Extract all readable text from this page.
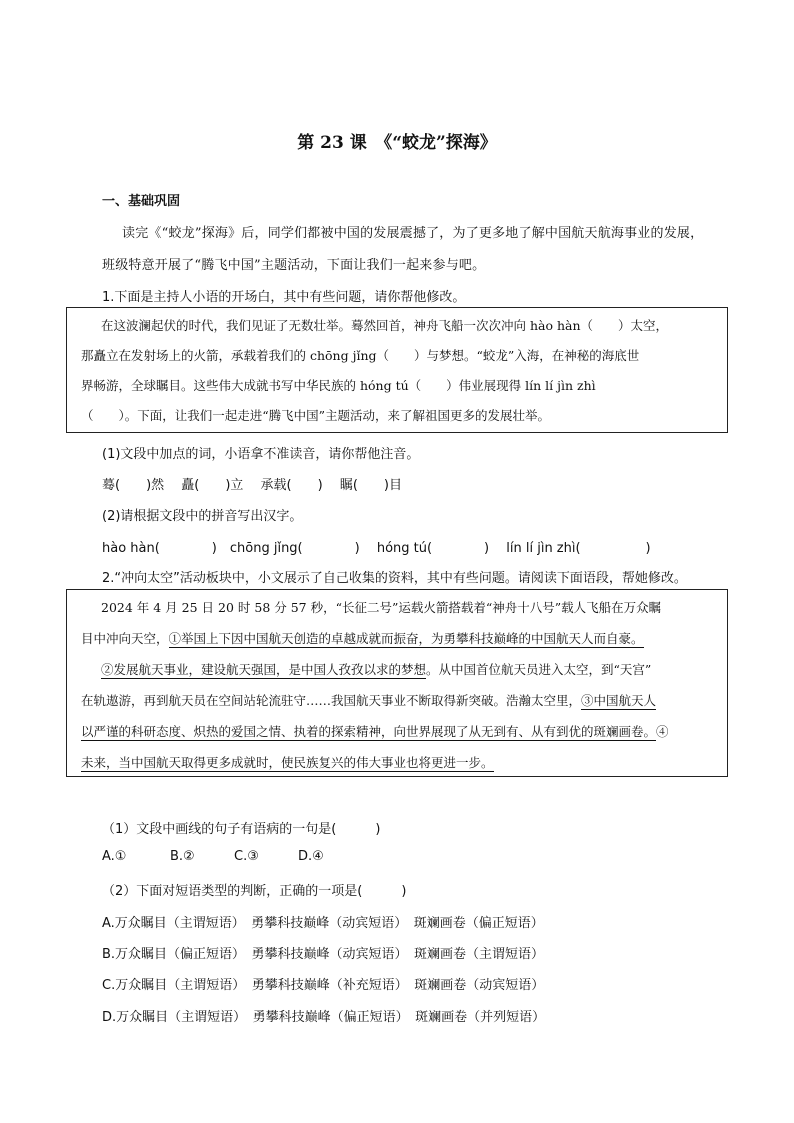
第 23 课　《“蛟龙”探海》
一、基础巩固
读完《“蛟龙”探海》后，同学们都被中国的发展震撼了，为了更多地了解中国航天航海事业的发展，
班级特意开展了“腾飞中国”主题活动，下面让我们一起来参与吧。
1.下面是主持人小语的开场白，其中有些问题，请你帮他修改。
在这波澜起伏的时代，我们见证了无数壮举。蓦然回首，神舟飞船一次次冲向 hào hàn（　　）太空，
那矗立在发射场上的火箭，承载着我们的 chōng jǐng（　　）与梦想。“蛟龙”入海，在神秘的海底世
界畅游，全球瞩目。这些伟大成就书写中华民族的 hóng tú（　　）伟业展现得 lín lí jìn zhì
（　　）。下面，让我们一起走进“腾飞中国”主题活动，来了解祖国更多的发展壮举。
(1)文段中加点的词，小语拿不准读音，请你帮他注音。
蓦(　　)然　 矗(　　)立　 承载(　　)　 瞩(　　)目
(2)请根据文段中的拼音写出汉字。
hào hàn(　　　　)　chōng jǐng(　　　　)　 hóng tú(　　　　)　 lín lí jìn zhì(　　　　　)
2.“冲向太空”活动板块中，小文展示了自己收集的资料，其中有些问题。请阅读下面语段，帮她修改。
2024 年 4 月 25 日 20 时 58 分 57 秒，“长征二号”运载火箭搭载着“神舟十八号”载人飞船在万众瞩
目中冲向天空，①举国上下因中国航天创造的卓越成就而振奋，为勇攀科技巅峰的中国航天人而自豪。
②发展航天事业，建设航天强国，是中国人孜孜以求的梦想。从中国首位航天员进入太空，到“天宫”
在轨遨游，再到航天员在空间站轮流驻守……我国航天事业不断取得新突破。浩瀚太空里，③中国航天人
以严谨的科研态度、炽热的爱国之情、执着的探索精神，向世界展现了从无到有、从有到优的斑斓画卷。④
未来，当中国航天取得更多成就时，使民族复兴的伟大事业也将更进一步。
（1）文段中画线的句子有语病的一句是(　　　)
A.①	B.②	C.③	D.④
（2）下面对短语类型的判断，正确的一项是(　　　)
A.万众瞩目（主谓短语）　勇攀科技巅峰（动宾短语）　斑斓画卷（偏正短语）
B.万众瞩目（偏正短语）　勇攀科技巅峰（动宾短语）　斑斓画卷（主谓短语）
C.万众瞩目（主谓短语）　勇攀科技巅峰（补充短语）　斑斓画卷（动宾短语）
D.万众瞩目（主谓短语）　勇攀科技巅峰（偏正短语）　斑斓画卷（并列短语）
